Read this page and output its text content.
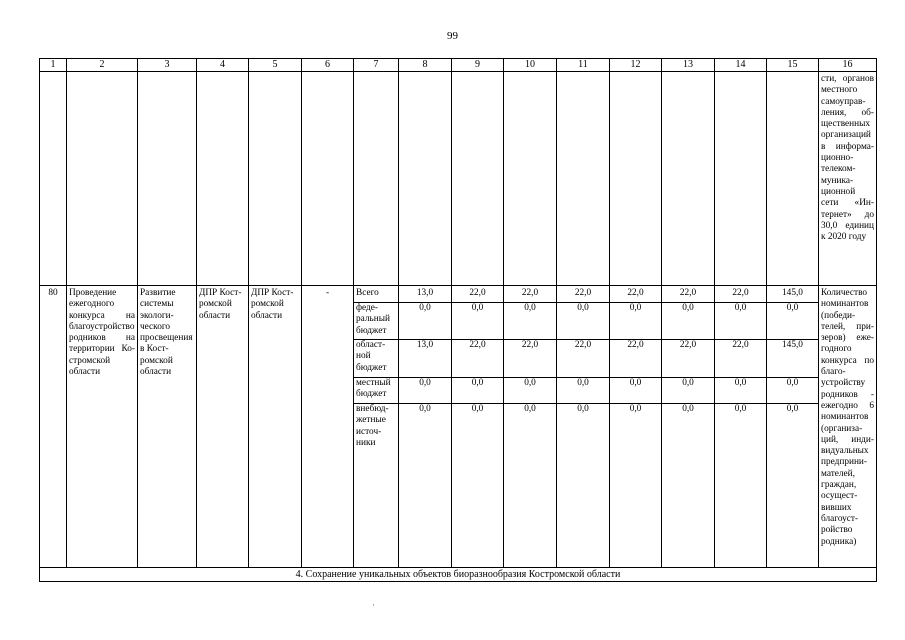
99
1	2	3	4	5	6	7	8	9	10	11	12	13	14	15	16
															сти, органов местного самоуправления, общественных организаций в информационно-телекоммуникационной сети «Интернет» до 30,0 единиц к 2020 году
80	Проведение ежегодного конкурса на благоустройство родников на территории Костромской области	Развитие системы экологического просвещения в Костромской области	ДПР Костромской области	ДПР Костромской области	-	Всего	13,0	22,0	22,0	22,0	22,0	22,0	22,0	145,0	Количество номинантов (победителей, призеров) ежегодного конкурса по благоустройству родников - ежегодно 6 номинантов (организаций, индивидуальных предпринимателей, граждан, осуществивших благоустройство родника)
						федеральный бюджет	0,0	0,0	0,0	0,0	0,0	0,0	0,0	0,0	
						областной бюджет	13,0	22,0	22,0	22,0	22,0	22,0	22,0	145,0	
						местный бюджет	0,0	0,0	0,0	0,0	0,0	0,0	0,0	0,0	
						внебюджетные источники	0,0	0,0	0,0	0,0	0,0	0,0	0,0	0,0	
4. Сохранение уникальных объектов биоразнообразия Костромской области															
·
